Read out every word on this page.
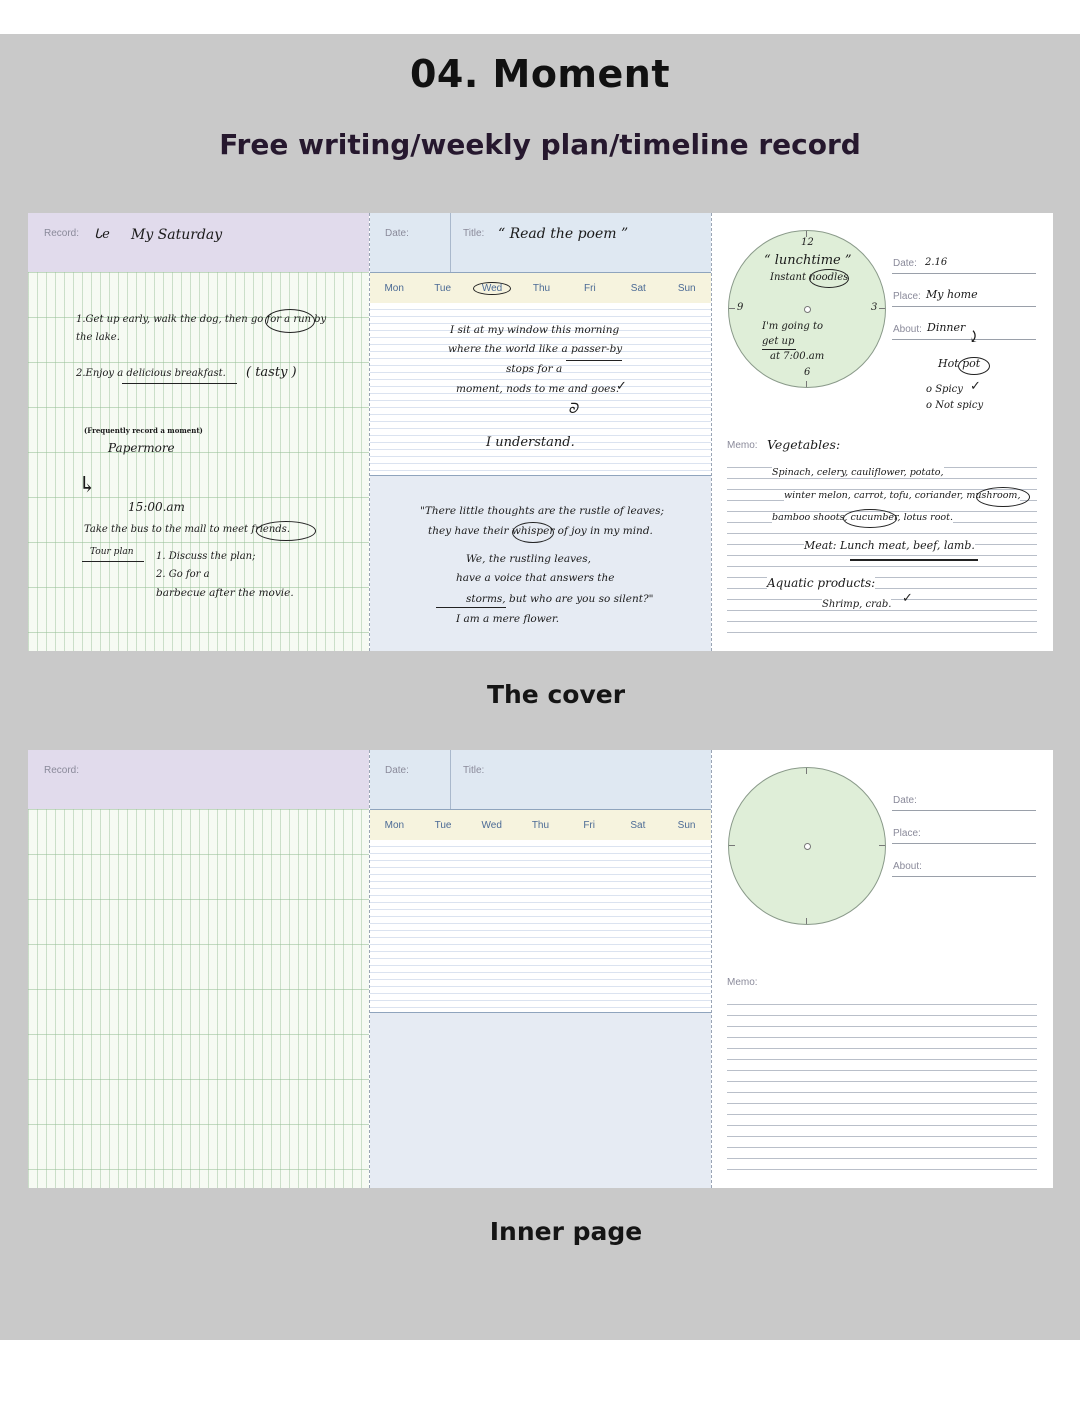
04. Moment
Free writing/weekly plan/timeline record
Record: ᒐe My Saturday
1.Get up early, walk the dog, then go for a run by
the lake.
2.Enjoy a delicious breakfast. ( tasty )
(Frequently record a moment)
Papermore
↳
15:00.am
Take the bus to the mall to meet friends.
Tour plan 1. Discuss the plan;
2. Go for a
barbecue after the movie.
Date:	Title: “ Read the poem ”
Mon	Tue	Wed	Thu	Fri	Sat	Sun
I sit at my window this morning
where the world like a passer-by
stops for a
moment, nods to me and goes.
✓
ᘐ
I understand.
"There little thoughts are the rustle of leaves;
they have their whisper of joy in my mind.
We, the rustling leaves,
have a voice that answers the
storms, but who are you so silent?"
I am a mere flower.
12
3
6
9
“ lunchtime ”
Instant noodles
I'm going to
get up
at 7:00.am
Date: 2.16
Place: My home
About: Dinner ⤸
Hot pot
o Spicy ✓
o Not spicy
Memo: Vegetables:
Spinach, celery, cauliflower, potato,
winter melon, carrot, tofu, coriander, mushroom,
bamboo shoots, cucumber, lotus root.
Meat: Lunch meat, beef, lamb.
Aquatic products:
Shrimp, crab. ✓
The cover
Record:	Date:	Title:
Mon	Tue	Wed	Thu	Fri	Sat	Sun
Date:
Place:
About:
Memo:
Inner page
